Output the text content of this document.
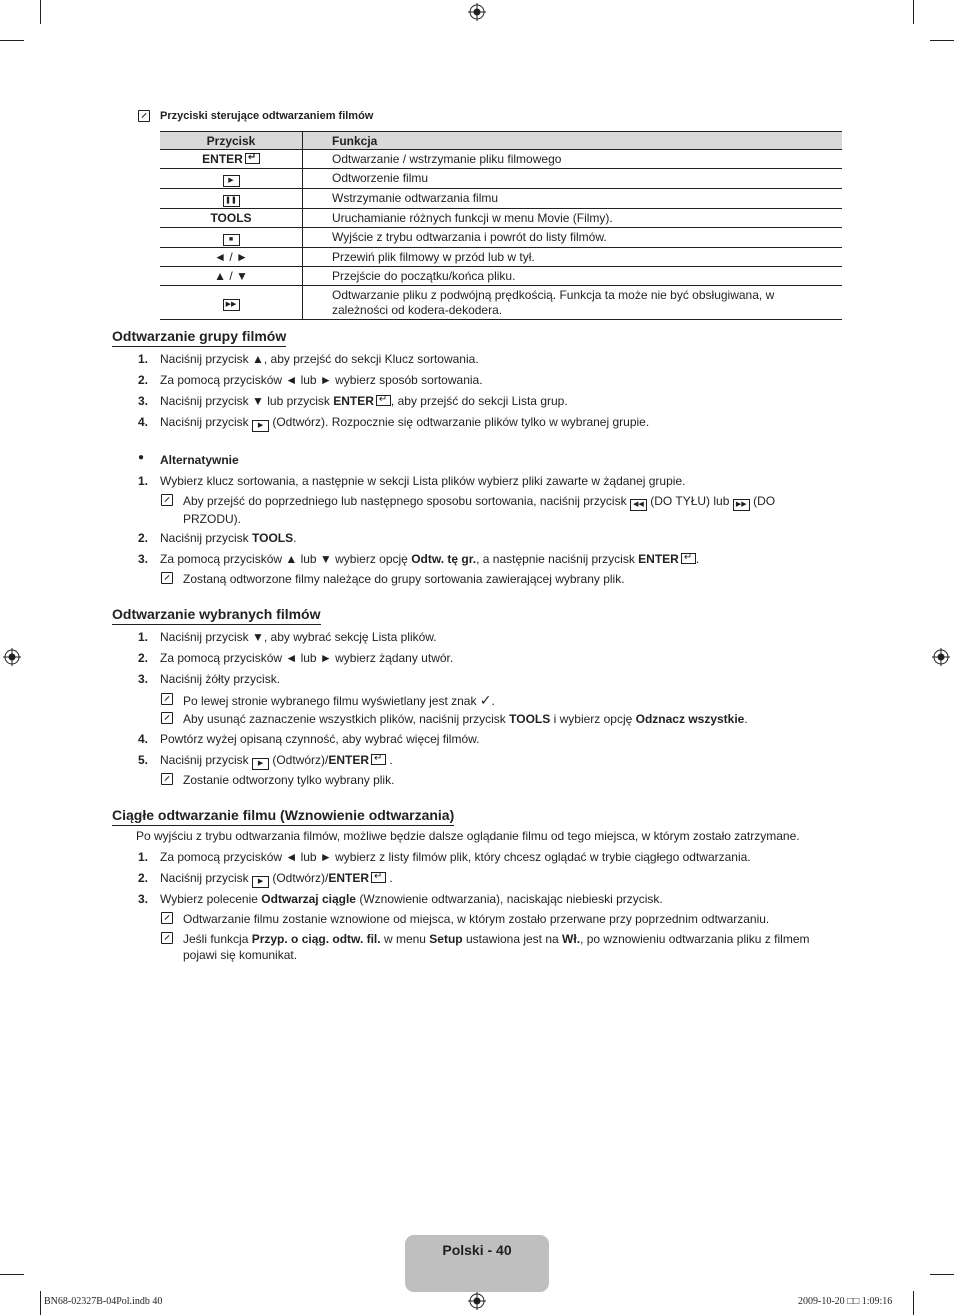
Przyciski sterujące odtwarzaniem filmów
Przycisk	Funkcja
ENTER↵	Odtwarzanie / wstrzymanie pliku filmowego
▶	Odtworzenie filmu
❚❚	Wstrzymanie odtwarzania filmu
TOOLS	Uruchamianie różnych funkcji w menu Movie (Filmy).
■	Wyjście z trybu odtwarzania i powrót do listy filmów.
◄ / ►	Przewiń plik filmowy w przód lub w tył.
▲ / ▼	Przejście do początku/końca pliku.
▶▶	Odtwarzanie pliku z podwójną prędkością. Funkcja ta może nie być obsługiwana, w zależności od kodera-dekodera.
Odtwarzanie grupy filmów
1. Naciśnij przycisk ▲, aby przejść do sekcji Klucz sortowania.
2. Za pomocą przycisków ◄ lub ► wybierz sposób sortowania.
3. Naciśnij przycisk ▼ lub przycisk ENTER ↵ , aby przejść do sekcji Lista grup.
4. Naciśnij przycisk ▶ (Odtwórz). Rozpocznie się odtwarzanie plików tylko w wybranej grupie.
● Alternatywnie
1. Wybierz klucz sortowania, a następnie w sekcji Lista plików wybierz pliki zawarte w żądanej grupie.
Aby przejść do poprzedniego lub następnego sposobu sortowania, naciśnij przycisk ◀◀ (DO TYŁU) lub ▶▶ (DO PRZODU).
2. Naciśnij przycisk TOOLS.
3. Za pomocą przycisków ▲ lub ▼ wybierz opcję Odtw. tę gr., a następnie naciśnij przycisk ENTER ↵ .
Zostaną odtworzone filmy należące do grupy sortowania zawierającej wybrany plik.
Odtwarzanie wybranych filmów
1. Naciśnij przycisk ▼, aby wybrać sekcję Lista plików.
2. Za pomocą przycisków ◄ lub ► wybierz żądany utwór.
3. Naciśnij żółty przycisk.
Po lewej stronie wybranego filmu wyświetlany jest znak ✓.
Aby usunąć zaznaczenie wszystkich plików, naciśnij przycisk TOOLS i wybierz opcję Odznacz wszystkie.
4. Powtórz wyżej opisaną czynność, aby wybrać więcej filmów.
5. Naciśnij przycisk ▶ (Odtwórz)/ENTER↵ .
Zostanie odtworzony tylko wybrany plik.
Ciągłe odtwarzanie filmu (Wznowienie odtwarzania)
Po wyjściu z trybu odtwarzania filmów, możliwe będzie dalsze oglądanie filmu od tego miejsca, w którym zostało zatrzymane.
1. Za pomocą przycisków ◄ lub ► wybierz z listy filmów plik, który chcesz oglądać w trybie ciągłego odtwarzania.
2. Naciśnij przycisk ▶ (Odtwórz)/ENTER↵ .
3. Wybierz polecenie Odtwarzaj ciągle (Wznowienie odtwarzania), naciskając niebieski przycisk.
Odtwarzanie filmu zostanie wznowione od miejsca, w którym zostało przerwane przy poprzednim odtwarzaniu.
Jeśli funkcja Przyp. o ciąg. odtw. fil. w menu Setup ustawiona jest na Wł., po wznowieniu odtwarzania pliku z filmem pojawi się komunikat.
Polski - 40
BN68-02327B-04Pol.indb 40	2009-10-20 □□ 1:09:16
